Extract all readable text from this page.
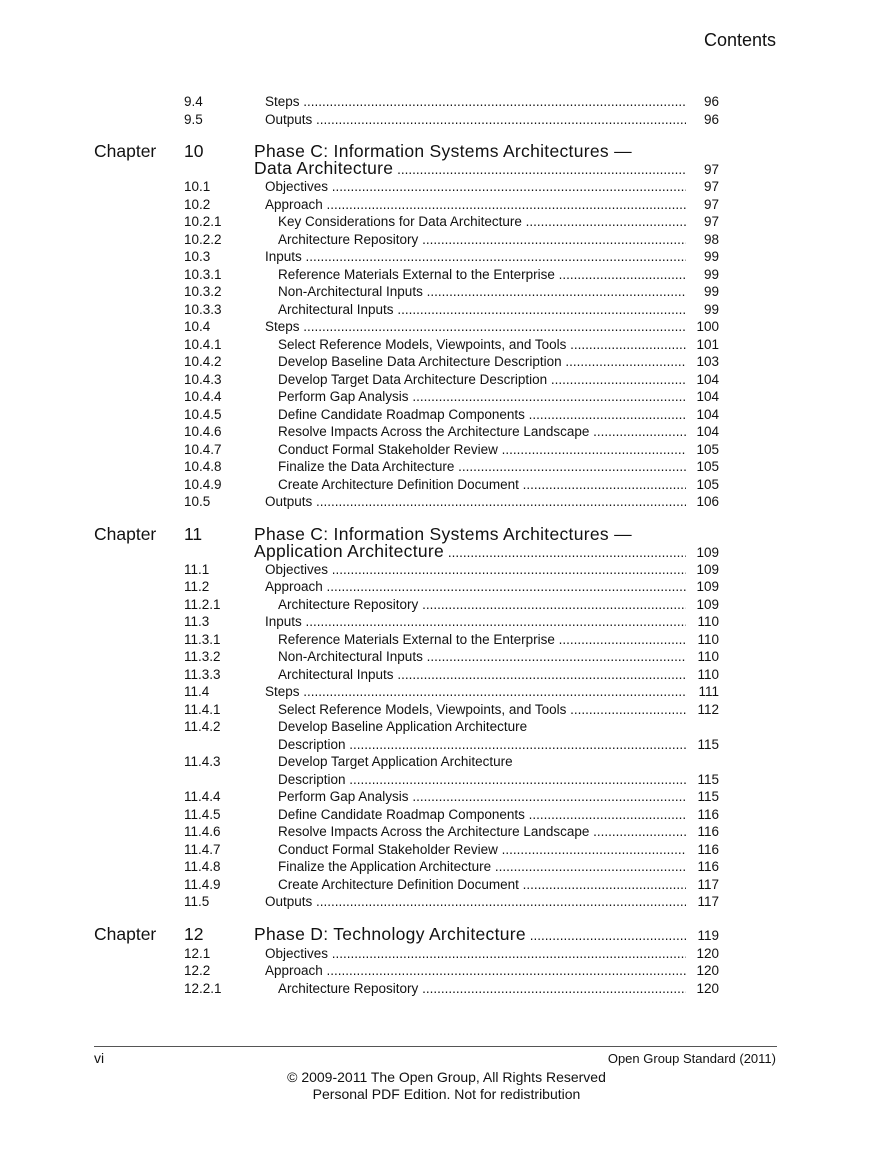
Contents
9.4	Steps .....	96
9.5	Outputs .....	96
Chapter 10	Phase C: Information Systems Architectures —
Data Architecture .....	97
10.1	Objectives .....	97
10.2	Approach .....	97
10.2.1	Key Considerations for Data Architecture .....	97
10.2.2	Architecture Repository .....	98
10.3	Inputs .....	99
10.3.1	Reference Materials External to the Enterprise .....	99
10.3.2	Non-Architectural Inputs .....	99
10.3.3	Architectural Inputs .....	99
10.4	Steps .....	100
10.4.1	Select Reference Models, Viewpoints, and Tools .....	101
10.4.2	Develop Baseline Data Architecture Description .....	103
10.4.3	Develop Target Data Architecture Description .....	104
10.4.4	Perform Gap Analysis .....	104
10.4.5	Define Candidate Roadmap Components .....	104
10.4.6	Resolve Impacts Across the Architecture Landscape .....	104
10.4.7	Conduct Formal Stakeholder Review .....	105
10.4.8	Finalize the Data Architecture .....	105
10.4.9	Create Architecture Definition Document .....	105
10.5	Outputs .....	106
Chapter 11	Phase C: Information Systems Architectures —
Application Architecture .....	109
11.1	Objectives .....	109
11.2	Approach .....	109
11.2.1	Architecture Repository .....	109
11.3	Inputs .....	110
11.3.1	Reference Materials External to the Enterprise .....	110
11.3.2	Non-Architectural Inputs .....	110
11.3.3	Architectural Inputs .....	110
11.4	Steps .....	111
11.4.1	Select Reference Models, Viewpoints, and Tools .....	112
11.4.2	Develop Baseline Application Architecture
Description .....	115
11.4.3	Develop Target Application Architecture
Description .....	115
11.4.4	Perform Gap Analysis .....	115
11.4.5	Define Candidate Roadmap Components .....	116
11.4.6	Resolve Impacts Across the Architecture Landscape .....	116
11.4.7	Conduct Formal Stakeholder Review .....	116
11.4.8	Finalize the Application Architecture .....	116
11.4.9	Create Architecture Definition Document .....	117
11.5	Outputs .....	117
Chapter 12	Phase D: Technology Architecture .....	119
12.1	Objectives .....	120
12.2	Approach .....	120
12.2.1	Architecture Repository .....	120
vi	Open Group Standard (2011)
© 2009-2011 The Open Group, All Rights Reserved
Personal PDF Edition. Not for redistribution
